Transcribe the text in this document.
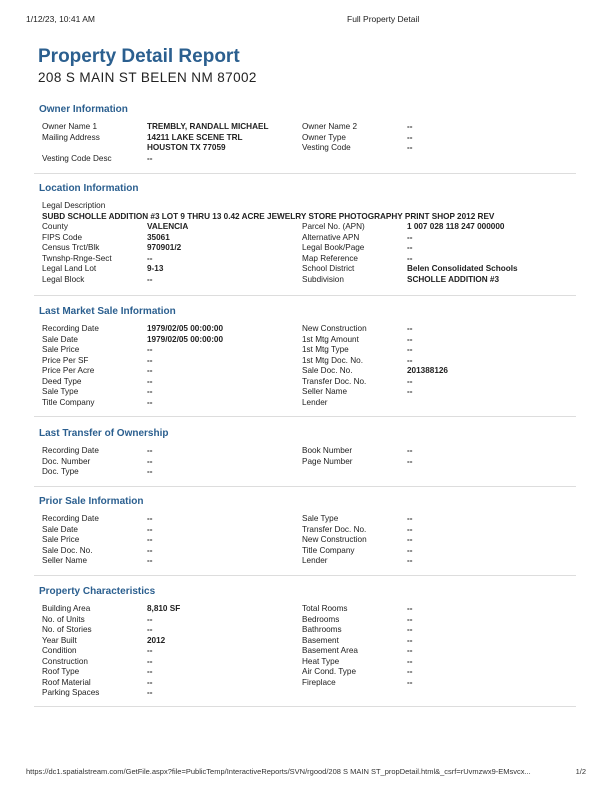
1/12/23, 10:41 AM	Full Property Detail
Property Detail Report
208 S MAIN ST BELEN NM 87002
Owner Information
Owner Name 1	TREMBLY, RANDALL MICHAEL	Owner Name 2	--
Mailing Address	14211 LAKE SCENE TRL	Owner Type	--
HOUSTON TX 77059	Vesting Code	--
Vesting Code Desc	--
Location Information
Legal Description
SUBD SCHOLLE ADDITION #3 LOT 9 THRU 13 0.42 ACRE JEWELRY STORE PHOTOGRAPHY PRINT SHOP 2012 REV
County	VALENCIA	Parcel No. (APN)	1 007 028 118 247 000000
FIPS Code	35061	Alternative APN	--
Census Trct/Blk	970901/2	Legal Book/Page	--
Twnshp-Rnge-Sect	--	Map Reference	--
Legal Land Lot	9-13	School District	Belen Consolidated Schools
Legal Block	--	Subdivision	SCHOLLE ADDITION #3
Last Market Sale Information
Recording Date	1979/02/05 00:00:00	New Construction	--
Sale Date	1979/02/05 00:00:00	1st Mtg Amount	--
Sale Price	--	1st Mtg Type	--
Price Per SF	--	1st Mtg Doc. No.	--
Price Per Acre	--	Sale Doc. No.	201388126
Deed Type	--	Transfer Doc. No.	--
Sale Type	--	Seller Name	--
Title Company	--	Lender
Last Transfer of Ownership
Recording Date	--	Book Number	--
Doc. Number	--	Page Number	--
Doc. Type	--
Prior Sale Information
Recording Date	--	Sale Type	--
Sale Date	--	Transfer Doc. No.	--
Sale Price	--	New Construction	--
Sale Doc. No.	--	Title Company	--
Seller Name	--	Lender	--
Property Characteristics
Building Area	8,810 SF	Total Rooms	--
No. of Units	--	Bedrooms	--
No. of Stories	--	Bathrooms	--
Year Built	2012	Basement	--
Condition	--	Basement Area	--
Construction	--	Heat Type	--
Roof Type	--	Air Cond. Type	--
Roof Material	--	Fireplace	--
Parking Spaces	--
https://dc1.spatialstream.com/GetFile.aspx?file=PublicTemp/InteractiveReports/SVN/rgood/208 S MAIN ST_propDetail.html&_csrf=rUvmzwx9-EMsvcx...	1/2
